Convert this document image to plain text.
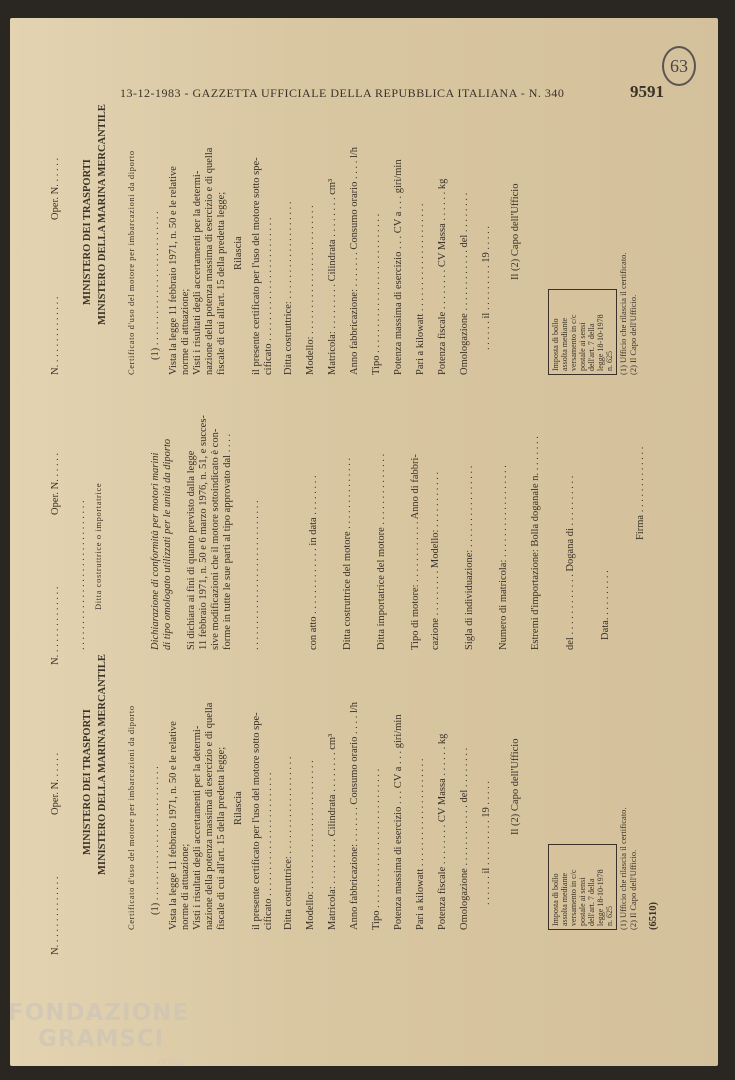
13-12-1983 - GAZZETTA UFFICIALE DELLA REPUBBLICA ITALIANA - N. 340	9591
63
N. . . . . . . . . . . . . .
Oper. N. . . . . . MINISTERO DEI TRASPORTI MINISTERO DELLA MARINA MERCANTILE Certificato d'uso del motore per imbarcazioni da diporto (1) . . . . . . . . . . . . . . . . . . . . . . . . . . Vista la legge 11 febbraio 1971, n. 50 e le relative norme di attuazione; Visti i risultati degli accertamenti per la determi- nazione della potenza massima di esercizio e di quella fiscale di cui all'art. 15 della predetta legge; Rilascia il presente certificato per l'uso del motore sotto spe- cificato . . . . . . . . . . . . . . . . . . . . . . . . Ditta costruttrice: . . . . . . . . . . . . . . . . . . . Modello: . . . . . . . . . . . . . . . . . . . . . . . . . Matricola: . . . . . . . . . Cilindrata . . . . . . . . cm³ Anno fabbricazione: . . . . . . . Consumo orario . . . . l/h Tipo . . . . . . . . . . . . . . . . . . . . . . . . . . . Potenza massima di esercizio . . . CV a . . . giri/min Pari a kilowatt . . . . . . . . . . . . . . . . . . . . . Potenza fiscale . . . . . . . . CV Massa . . . . . . kg Omologazione . . . . . . . . . . . . del . . . . . . . . . . . . . . il . . . . . . . . . 19 . . . . . Il (2) Capo dell'Ufficio
Imposta di bollo assolta mediante versamento in c/c postale ai sensi dell'art. 7 della legge 18-10-1978 n. 625 (1) Ufficio che rilascia il certificato. (2) Il Capo dell'Ufficio. (6510)
N. . . . . . . . . . . . . .
Oper. N. . . . . .
. . . . . . . . . . . . . . . . . . . . . . . . . . . . . Ditta costruttrice o importatrice	Dichiarazione di conformità per motori marini di tipo omologato utilizzati per le unità da diporto Si dichiara ai fini di quanto previsto dalla legge 11 febbraio 1971, n. 50 e 6 marzo 1976, n. 51, e succes- sive modificazioni che il motore sottoindicato è con- forme in tutte le sue parti al tipo approvato dal . . . . . . . . . . . . . . . . . . . . . . . . . . . . . . . . .	con atto . . . . . . . . . . . . . in data . . . . . . . . Ditta costruttrice del motore . . . . . . . . . . . . . . Ditta importatrice del motore . . . . . . . . . . . . . . Tipo di motore: . . . . . . . . . . . . Anno di fabbri- cazione . . . . . . . . . Modello: . . . . . . . . . . . Sigla di individuazione: . . . . . . . . . . . . . . . . Numero di matricola: . . . . . . . . . . . . . . . . . . Estremi d'importazione: Bolla doganale n. . . . . . . . del . . . . . . . . . . . . Dogana di . . . . . . . . . . Data. . . . . . . . . .
Firma . . . . . . . . . . . . .
N. . . . . . . . . . . . . .
Oper. N. . . . . . MINISTERO DEI TRASPORTI MINISTERO DELLA MARINA MERCANTILE Certificato d'uso del motore per imbarcazioni da diporto (1) . . . . . . . . . . . . . . . . . . . . . . . . . . Vista la legge 11 febbraio 1971, n. 50 e le relative norme di attuazione; Visti i risultati degli accertamenti per la determi- nazione della potenza massima di esercizio e di quella fiscale di cui all'art. 15 della predetta legge; Rilascia il presente certificato per l'uso del motore sotto spe- cificato . . . . . . . . . . . . . . . . . . . . . . . . Ditta costruttrice: . . . . . . . . . . . . . . . . . . . Modello: . . . . . . . . . . . . . . . . . . . . . . . . . Matricola: . . . . . . . . . Cilindrata . . . . . . . . cm³ Anno fabbricazione: . . . . . . . Consumo orario . . . . l/h Tipo . . . . . . . . . . . . . . . . . . . . . . . . . . . Potenza massima di esercizio . . . CV a . . . giri/min Pari a kilowatt . . . . . . . . . . . . . . . . . . . . . Potenza fiscale . . . . . . . . CV Massa . . . . . . kg Omologazione . . . . . . . . . . . . del . . . . . . . . . . . . . . il . . . . . . . . . 19 . . . . . Il (2) Capo dell'Ufficio
Imposta di bollo assolta mediante versamento in c/c postale ai sensi dell'art. 7 della legge 18-10-1978 n. 625 (1) Ufficio che rilascia il certificato. (2) Il Capo dell'Ufficio.
FONDAZIONE
GRAMSCI
onlus
